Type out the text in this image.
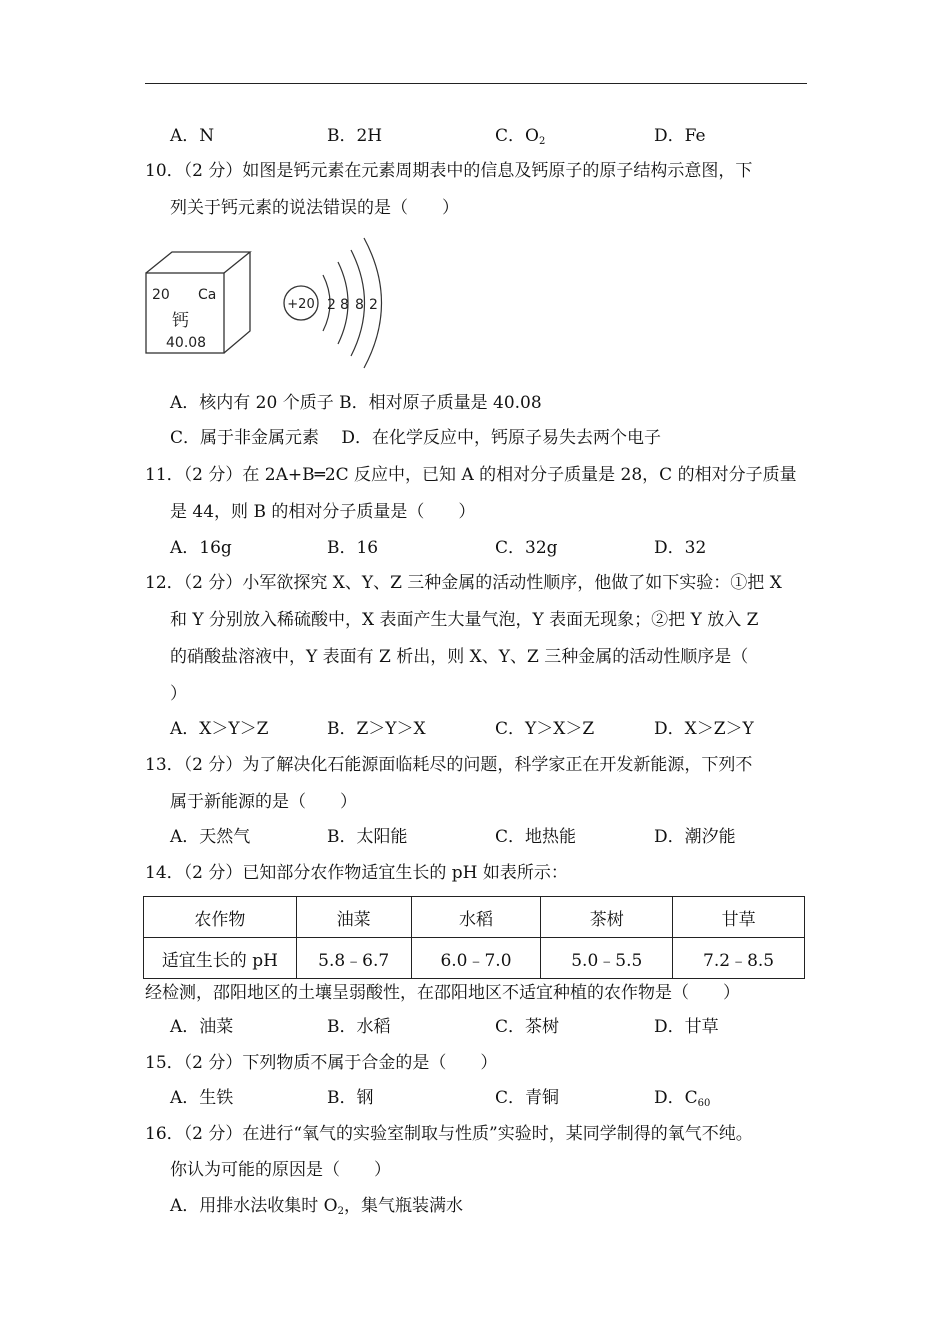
A．N	B．2H	C．$O_2$	D．Fe
10．（2 分）如图是钙元素在元素周期表中的信息及钙原子的原子结构示意图，下
列关于钙元素的说法错误的是（　　）
20 Ca
钙
40.08
+20 2 8 8 2
A．核内有 20 个质子 B．相对原子质量是 40.08
C．属于非金属元素　 D．在化学反应中，钙原子易失去两个电子
11．（2 分）在 2A+B═2C 反应中，已知 A 的相对分子质量是 28，C 的相对分子质量
是 44，则 B 的相对分子质量是（　　）
A．16g	B．16	C．32g	D．32
12．（2 分）小军欲探究 X、Y、Z 三种金属的活动性顺序，他做了如下实验：①把 X
和 Y 分别放入稀硫酸中，X 表面产生大量气泡，Y 表面无现象；②把 Y 放入 Z
的硝酸盐溶液中，Y 表面有 Z 析出，则 X、Y、Z 三种金属的活动性顺序是（
）
A．X＞Y＞Z	B．Z＞Y＞X	C．Y＞X＞Z	D．X＞Z＞Y
13．（2 分）为了解决化石能源面临耗尽的问题，科学家正在开发新能源，下列不
属于新能源的是（　　）
A．天然气	B．太阳能	C．地热能	D．潮汐能
14．（2 分）已知部分农作物适宜生长的 pH 如表所示：
农作物	油菜	水稻	茶树	甘草
适宜生长的 pH	5.8﹣6.7	6.0﹣7.0	5.0﹣5.5	7.2﹣8.5
经检测，邵阳地区的土壤呈弱酸性，在邵阳地区不适宜种植的农作物是（　　）
A．油菜	B．水稻	C．茶树	D．甘草
15．（2 分）下列物质不属于合金的是（　　）
A．生铁	B．钢	C．青铜	D．$C_{60}$
16．（2 分）在进行“氧气的实验室制取与性质”实验时，某同学制得的氧气不纯。
你认为可能的原因是（　　）
A．用排水法收集时 $O_2$，集气瓶装满水
